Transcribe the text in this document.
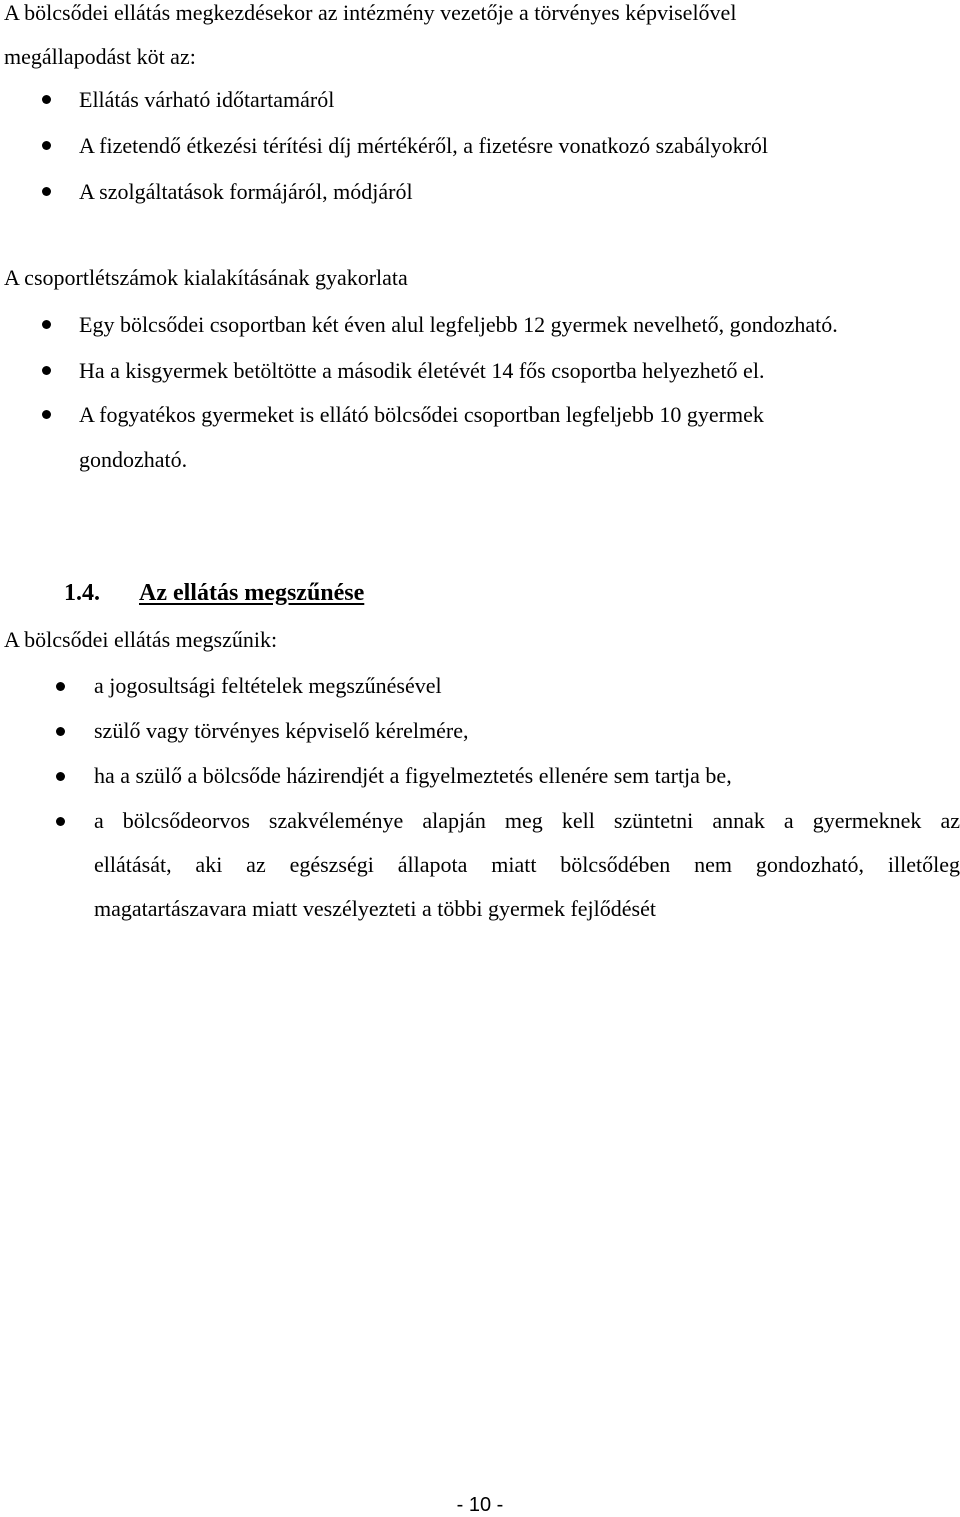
A bölcsődei ellátás megkezdésekor az intézmény vezetője a törvényes képviselővel
megállapodást köt az:
Ellátás várható időtartamáról
A fizetendő étkezési térítési díj mértékéről, a fizetésre vonatkozó szabályokról
A szolgáltatások formájáról, módjáról
A csoportlétszámok kialakításának gyakorlata
Egy bölcsődei csoportban két éven alul legfeljebb 12 gyermek nevelhető, gondozható.
Ha a kisgyermek betöltötte a második életévét 14 fős csoportba helyezhető el.
A fogyatékos gyermeket is ellátó bölcsődei csoportban legfeljebb 10 gyermek
gondozható.
1.4. Az ellátás megszűnése
A bölcsődei ellátás megszűnik:
a jogosultsági feltételek megszűnésével
szülő vagy törvényes képviselő kérelmére,
ha a szülő a bölcsőde házirendjét a figyelmeztetés ellenére sem tartja be,
a bölcsődeorvos szakvéleménye alapján meg kell szüntetni annak a gyermeknek az
ellátását, aki az egészségi állapota miatt bölcsődében nem gondozható, illetőleg
magatartászavara miatt veszélyezteti a többi gyermek fejlődését
- 10 -
